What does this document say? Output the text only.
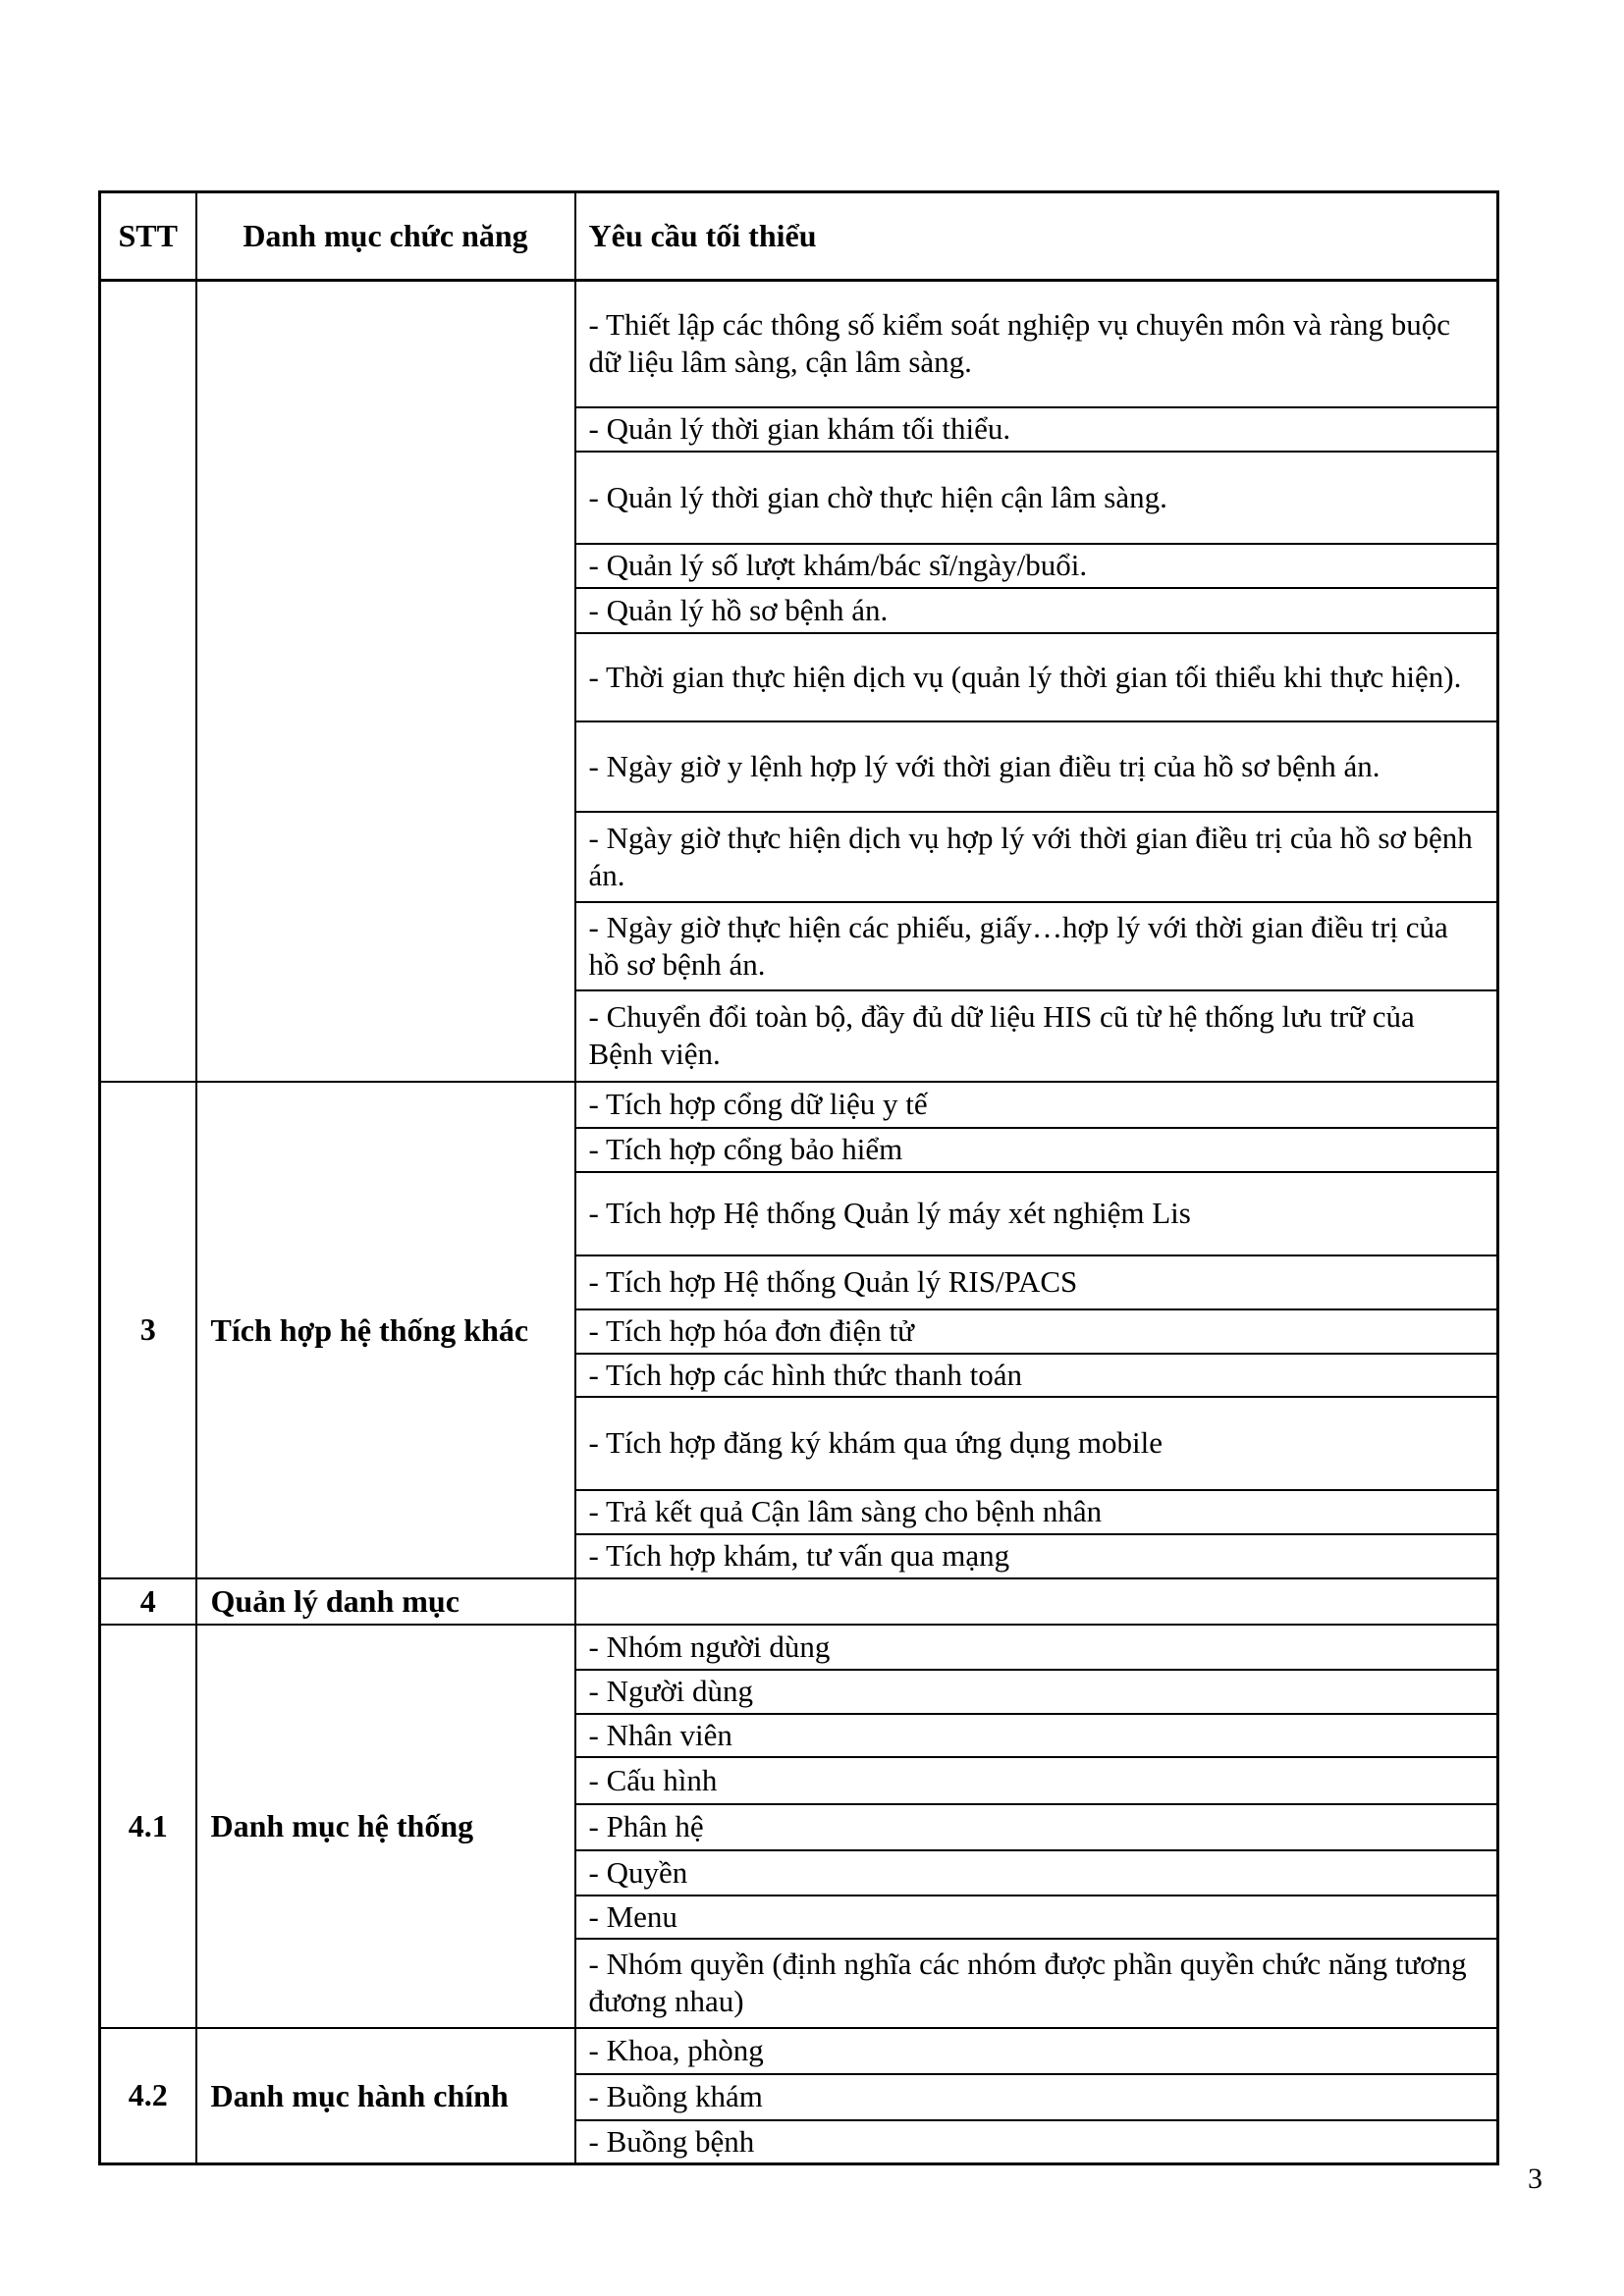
STT	Danh mục chức năng	Yêu cầu tối thiểu
		- Thiết lập các thông số kiểm soát nghiệp vụ chuyên môn và ràng buộc dữ liệu lâm sàng, cận lâm sàng.
		- Quản lý thời gian khám tối thiểu.
		- Quản lý thời gian chờ thực hiện cận lâm sàng.
		- Quản lý số lượt khám/bác sĩ/ngày/buổi.
		- Quản lý hồ sơ bệnh án.
		- Thời gian thực hiện dịch vụ (quản lý thời gian tối thiểu khi thực hiện).
		- Ngày giờ y lệnh hợp lý với thời gian điều trị của hồ sơ bệnh án.
		- Ngày giờ thực hiện dịch vụ hợp lý với thời gian điều trị của hồ sơ bệnh án.
		- Ngày giờ thực hiện các phiếu, giấy…hợp lý với thời gian điều trị của hồ sơ bệnh án.
		- Chuyển đổi toàn bộ, đầy đủ dữ liệu HIS cũ từ hệ thống lưu trữ của Bệnh viện.
3	Tích hợp hệ thống khác	- Tích hợp cổng dữ liệu y tế
		- Tích hợp cổng bảo hiểm
		- Tích hợp Hệ thống Quản lý máy xét nghiệm Lis
		- Tích hợp Hệ thống Quản lý RIS/PACS
		- Tích hợp hóa đơn điện tử
		- Tích hợp các hình thức thanh toán
		- Tích hợp đăng ký khám qua ứng dụng mobile
		- Trả kết quả Cận lâm sàng cho bệnh nhân
		- Tích hợp khám, tư vấn qua mạng
4	Quản lý danh mục	
4.1	Danh mục hệ thống	- Nhóm người dùng
		- Người dùng
		- Nhân viên
		- Cấu hình
		- Phân hệ
		- Quyền
		- Menu
		- Nhóm quyền (định nghĩa các nhóm được phần quyền chức năng tương đương nhau)
4.2	Danh mục hành chính	- Khoa, phòng
		- Buồng khám
		- Buồng bệnh
3
